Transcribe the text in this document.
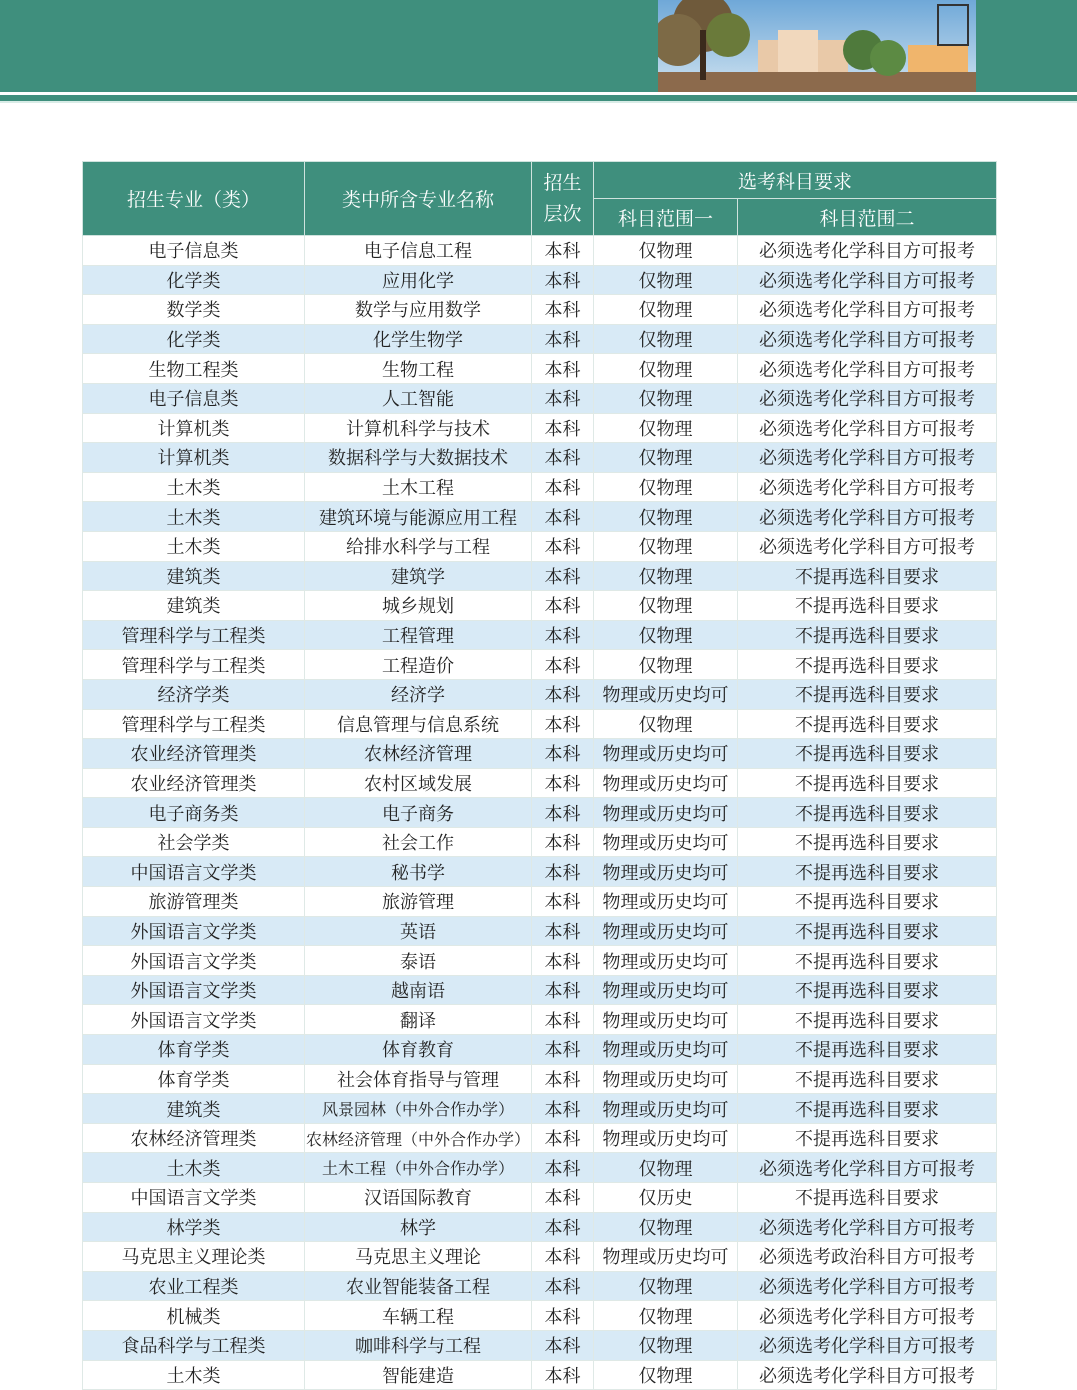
招生专业（类）	类中所含专业名称	招生层次	选考科目要求	
			科目范围一	科目范围二
电子信息类	电子信息工程	本科	仅物理	必须选考化学科目方可报考
化学类	应用化学	本科	仅物理	必须选考化学科目方可报考
数学类	数学与应用数学	本科	仅物理	必须选考化学科目方可报考
化学类	化学生物学	本科	仅物理	必须选考化学科目方可报考
生物工程类	生物工程	本科	仅物理	必须选考化学科目方可报考
电子信息类	人工智能	本科	仅物理	必须选考化学科目方可报考
计算机类	计算机科学与技术	本科	仅物理	必须选考化学科目方可报考
计算机类	数据科学与大数据技术	本科	仅物理	必须选考化学科目方可报考
土木类	土木工程	本科	仅物理	必须选考化学科目方可报考
土木类	建筑环境与能源应用工程	本科	仅物理	必须选考化学科目方可报考
土木类	给排水科学与工程	本科	仅物理	必须选考化学科目方可报考
建筑类	建筑学	本科	仅物理	不提再选科目要求
建筑类	城乡规划	本科	仅物理	不提再选科目要求
管理科学与工程类	工程管理	本科	仅物理	不提再选科目要求
管理科学与工程类	工程造价	本科	仅物理	不提再选科目要求
经济学类	经济学	本科	物理或历史均可	不提再选科目要求
管理科学与工程类	信息管理与信息系统	本科	仅物理	不提再选科目要求
农业经济管理类	农林经济管理	本科	物理或历史均可	不提再选科目要求
农业经济管理类	农村区域发展	本科	物理或历史均可	不提再选科目要求
电子商务类	电子商务	本科	物理或历史均可	不提再选科目要求
社会学类	社会工作	本科	物理或历史均可	不提再选科目要求
中国语言文学类	秘书学	本科	物理或历史均可	不提再选科目要求
旅游管理类	旅游管理	本科	物理或历史均可	不提再选科目要求
外国语言文学类	英语	本科	物理或历史均可	不提再选科目要求
外国语言文学类	泰语	本科	物理或历史均可	不提再选科目要求
外国语言文学类	越南语	本科	物理或历史均可	不提再选科目要求
外国语言文学类	翻译	本科	物理或历史均可	不提再选科目要求
体育学类	体育教育	本科	物理或历史均可	不提再选科目要求
体育学类	社会体育指导与管理	本科	物理或历史均可	不提再选科目要求
建筑类	风景园林（中外合作办学）	本科	物理或历史均可	不提再选科目要求
农林经济管理类	农林经济管理（中外合作办学）	本科	物理或历史均可	不提再选科目要求
土木类	土木工程（中外合作办学）	本科	仅物理	必须选考化学科目方可报考
中国语言文学类	汉语国际教育	本科	仅历史	不提再选科目要求
林学类	林学	本科	仅物理	必须选考化学科目方可报考
马克思主义理论类	马克思主义理论	本科	物理或历史均可	必须选考政治科目方可报考
农业工程类	农业智能装备工程	本科	仅物理	必须选考化学科目方可报考
机械类	车辆工程	本科	仅物理	必须选考化学科目方可报考
食品科学与工程类	咖啡科学与工程	本科	仅物理	必须选考化学科目方可报考
土木类	智能建造	本科	仅物理	必须选考化学科目方可报考
